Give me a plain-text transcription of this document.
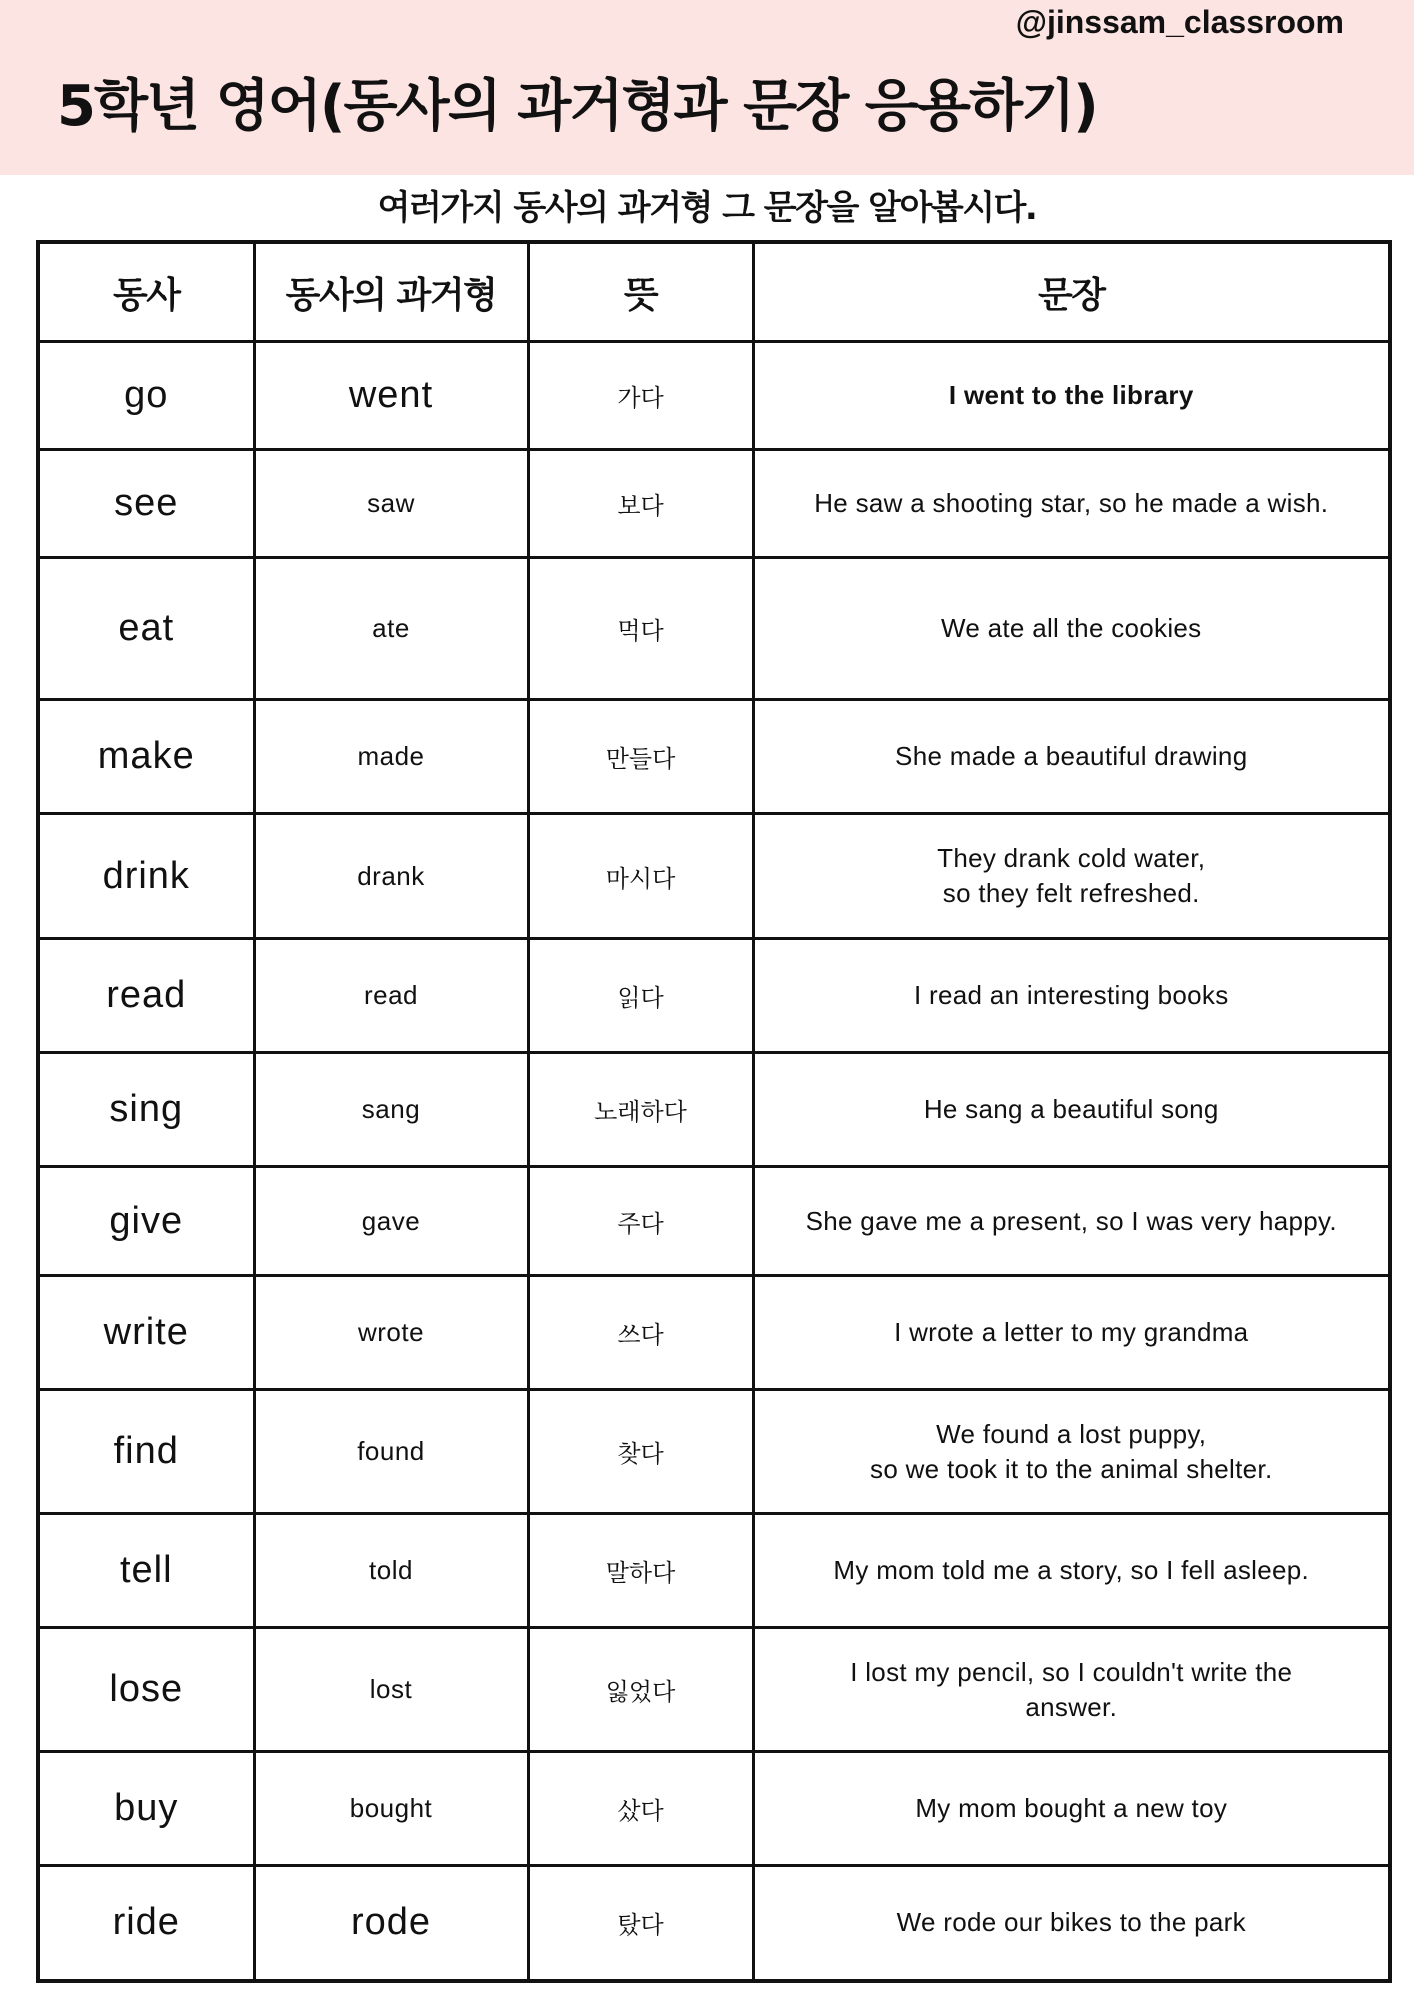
@jinssam_classroom
5학년 영어(동사의 과거형과 문장 응용하기)
여러가지 동사의 과거형 그 문장을 알아봅시다.
동사	동사의 과거형	뜻	문장
go	went	가다	I went to the library
see	saw	보다	He saw a shooting star, so he made a wish.
eat	ate	먹다	We ate all the cookies
make	made	만들다	She made a beautiful drawing
drink	drank	마시다	They drank cold water,
so they felt refreshed.
read	read	읽다	I read an interesting books
sing	sang	노래하다	He sang a beautiful song
give	gave	주다	She gave me a present, so I was very happy.
write	wrote	쓰다	I wrote a letter to my grandma
find	found	찾다	We found a lost puppy,
so we took it to the animal shelter.
tell	told	말하다	My mom told me a story, so I fell asleep.
lose	lost	잃었다	I lost my pencil, so I couldn't write the
answer.
buy	bought	샀다	My mom bought a new toy
ride	rode	탔다	We rode our bikes to the park
